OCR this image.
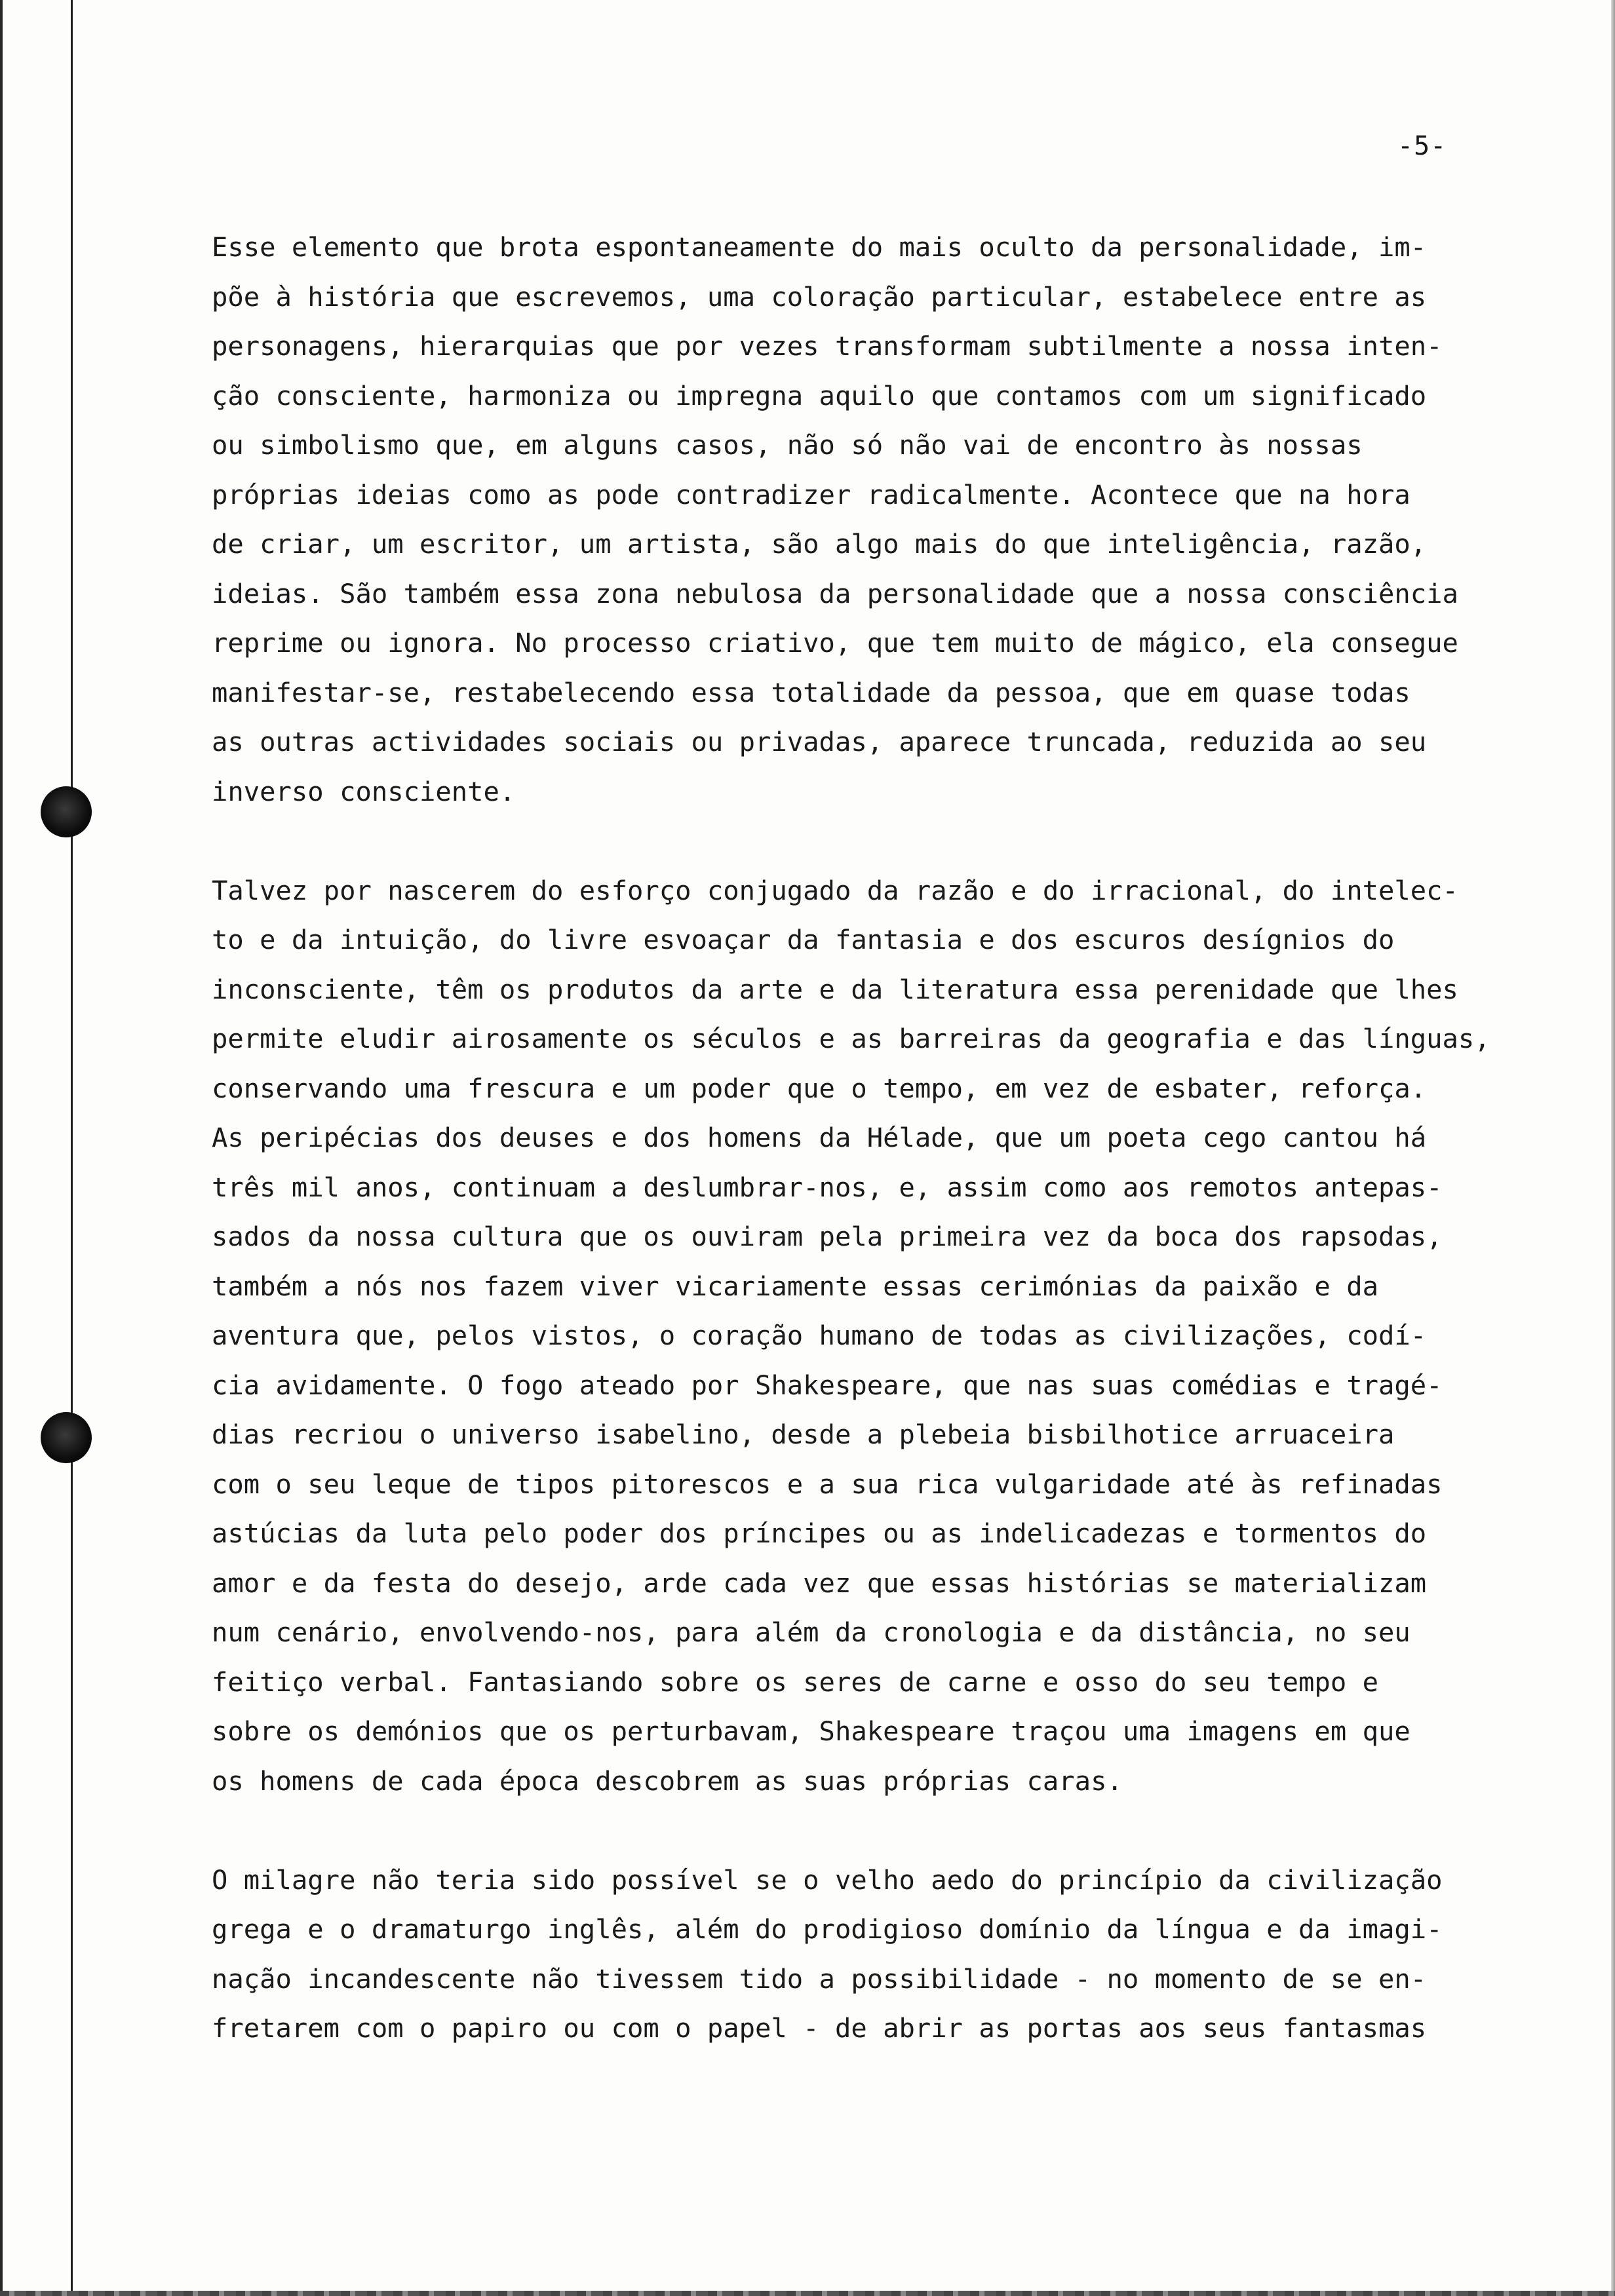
-5-
Esse elemento que brota espontaneamente do mais oculto da personalidade, im-
põe à história que escrevemos, uma coloração particular, estabelece entre as
personagens, hierarquias que por vezes transformam subtilmente a nossa inten-
ção consciente, harmoniza ou impregna aquilo que contamos com um significado
ou simbolismo que, em alguns casos, não só não vai de encontro às nossas
próprias ideias como as pode contradizer radicalmente. Acontece que na hora
de criar, um escritor, um artista, são algo mais do que inteligência, razão,
ideias. São também essa zona nebulosa da personalidade que a nossa consciência
reprime ou ignora. No processo criativo, que tem muito de mágico, ela consegue
manifestar-se, restabelecendo essa totalidade da pessoa, que em quase todas
as outras actividades sociais ou privadas, aparece truncada, reduzida ao seu
inverso consciente.
Talvez por nascerem do esforço conjugado da razão e do irracional, do intelec-
to e da intuição, do livre esvoaçar da fantasia e dos escuros desígnios do
inconsciente, têm os produtos da arte e da literatura essa perenidade que lhes
permite eludir airosamente os séculos e as barreiras da geografia e das línguas,
conservando uma frescura e um poder que o tempo, em vez de esbater, reforça.
As peripécias dos deuses e dos homens da Hélade, que um poeta cego cantou há
três mil anos, continuam a deslumbrar-nos, e, assim como aos remotos antepas-
sados da nossa cultura que os ouviram pela primeira vez da boca dos rapsodas,
também a nós nos fazem viver vicariamente essas cerimónias da paixão e da
aventura que, pelos vistos, o coração humano de todas as civilizações, codí-
cia avidamente. O fogo ateado por Shakespeare, que nas suas comédias e tragé-
dias recriou o universo isabelino, desde a plebeia bisbilhotice arruaceira
com o seu leque de tipos pitorescos e a sua rica vulgaridade até às refinadas
astúcias da luta pelo poder dos príncipes ou as indelicadezas e tormentos do
amor e da festa do desejo, arde cada vez que essas histórias se materializam
num cenário, envolvendo-nos, para além da cronologia e da distância, no seu
feitiço verbal. Fantasiando sobre os seres de carne e osso do seu tempo e
sobre os demónios que os perturbavam, Shakespeare traçou uma imagens em que
os homens de cada época descobrem as suas próprias caras.
O milagre não teria sido possível se o velho aedo do princípio da civilização
grega e o dramaturgo inglês, além do prodigioso domínio da língua e da imagi-
nação incandescente não tivessem tido a possibilidade - no momento de se en-
fretarem com o papiro ou com o papel - de abrir as portas aos seus fantasmas
